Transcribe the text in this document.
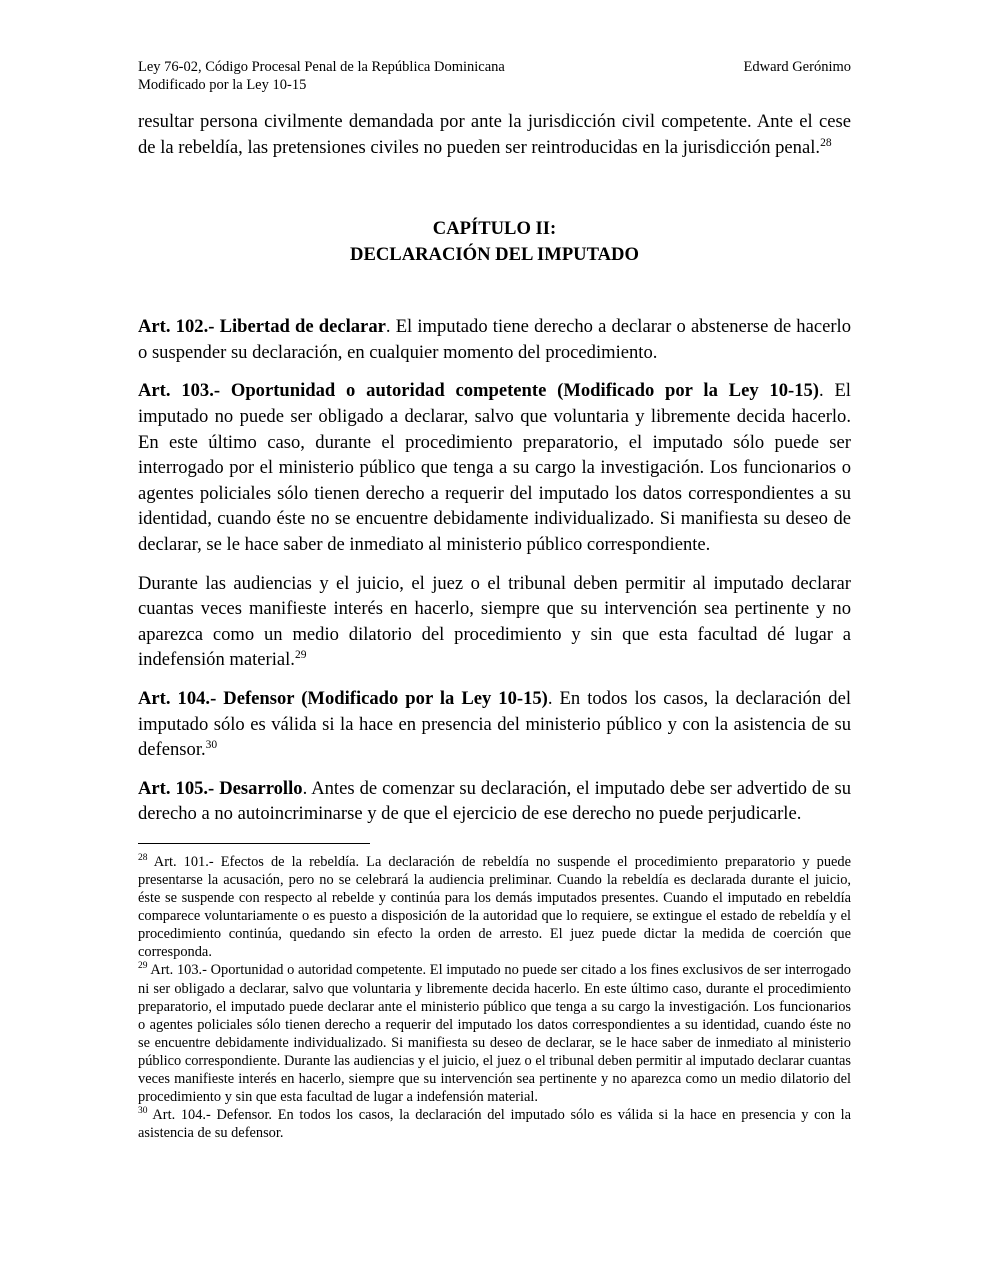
Ley 76-02, Código Procesal Penal de la República Dominicana
Modificado por la Ley 10-15
Edward Gerónimo

resultar persona civilmente demandada por ante la jurisdicción civil competente. Ante el cese de la rebeldía, las pretensiones civiles no pueden ser reintroducidas en la jurisdicción penal.$^{28}$

CAPÍTULO II:
DECLARACIÓN DEL IMPUTADO

Art. 102.- Libertad de declarar. El imputado tiene derecho a declarar o abstenerse de hacerlo o suspender su declaración, en cualquier momento del procedimiento.

Art. 103.- Oportunidad o autoridad competente (Modificado por la Ley 10-15). El imputado no puede ser obligado a declarar, salvo que voluntaria y libremente decida hacerlo. En este último caso, durante el procedimiento preparatorio, el imputado sólo puede ser interrogado por el ministerio público que tenga a su cargo la investigación. Los funcionarios o agentes policiales sólo tienen derecho a requerir del imputado los datos correspondientes a su identidad, cuando éste no se encuentre debidamente individualizado. Si manifiesta su deseo de declarar, se le hace saber de inmediato al ministerio público correspondiente.

Durante las audiencias y el juicio, el juez o el tribunal deben permitir al imputado declarar cuantas veces manifieste interés en hacerlo, siempre que su intervención sea pertinente y no aparezca como un medio dilatorio del procedimiento y sin que esta facultad dé lugar a indefensión material.$^{29}$

Art. 104.- Defensor (Modificado por la Ley 10-15). En todos los casos, la declaración del imputado sólo es válida si la hace en presencia del ministerio público y con la asistencia de su defensor.$^{30}$

Art. 105.- Desarrollo. Antes de comenzar su declaración, el imputado debe ser advertido de su derecho a no autoincriminarse y de que el ejercicio de ese derecho no puede perjudicarle.

$^{28}$ Art. 101.- Efectos de la rebeldía. La declaración de rebeldía no suspende el procedimiento preparatorio y puede presentarse la acusación, pero no se celebrará la audiencia preliminar. Cuando la rebeldía es declarada durante el juicio, éste se suspende con respecto al rebelde y continúa para los demás imputados presentes. Cuando el imputado en rebeldía comparece voluntariamente o es puesto a disposición de la autoridad que lo requiere, se extingue el estado de rebeldía y el procedimiento continúa, quedando sin efecto la orden de arresto. El juez puede dictar la medida de coerción que corresponda.

$^{29}$ Art. 103.- Oportunidad o autoridad competente. El imputado no puede ser citado a los fines exclusivos de ser interrogado ni ser obligado a declarar, salvo que voluntaria y libremente decida hacerlo. En este último caso, durante el procedimiento preparatorio, el imputado puede declarar ante el ministerio público que tenga a su cargo la investigación. Los funcionarios o agentes policiales sólo tienen derecho a requerir del imputado los datos correspondientes a su identidad, cuando éste no se encuentre debidamente individualizado. Si manifiesta su deseo de declarar, se le hace saber de inmediato al ministerio público correspondiente. Durante las audiencias y el juicio, el juez o el tribunal deben permitir al imputado declarar cuantas veces manifieste interés en hacerlo, siempre que su intervención sea pertinente y no aparezca como un medio dilatorio del procedimiento y sin que esta facultad de lugar a indefensión material.

$^{30}$ Art. 104.- Defensor. En todos los casos, la declaración del imputado sólo es válida si la hace en presencia y con la asistencia de su defensor.
